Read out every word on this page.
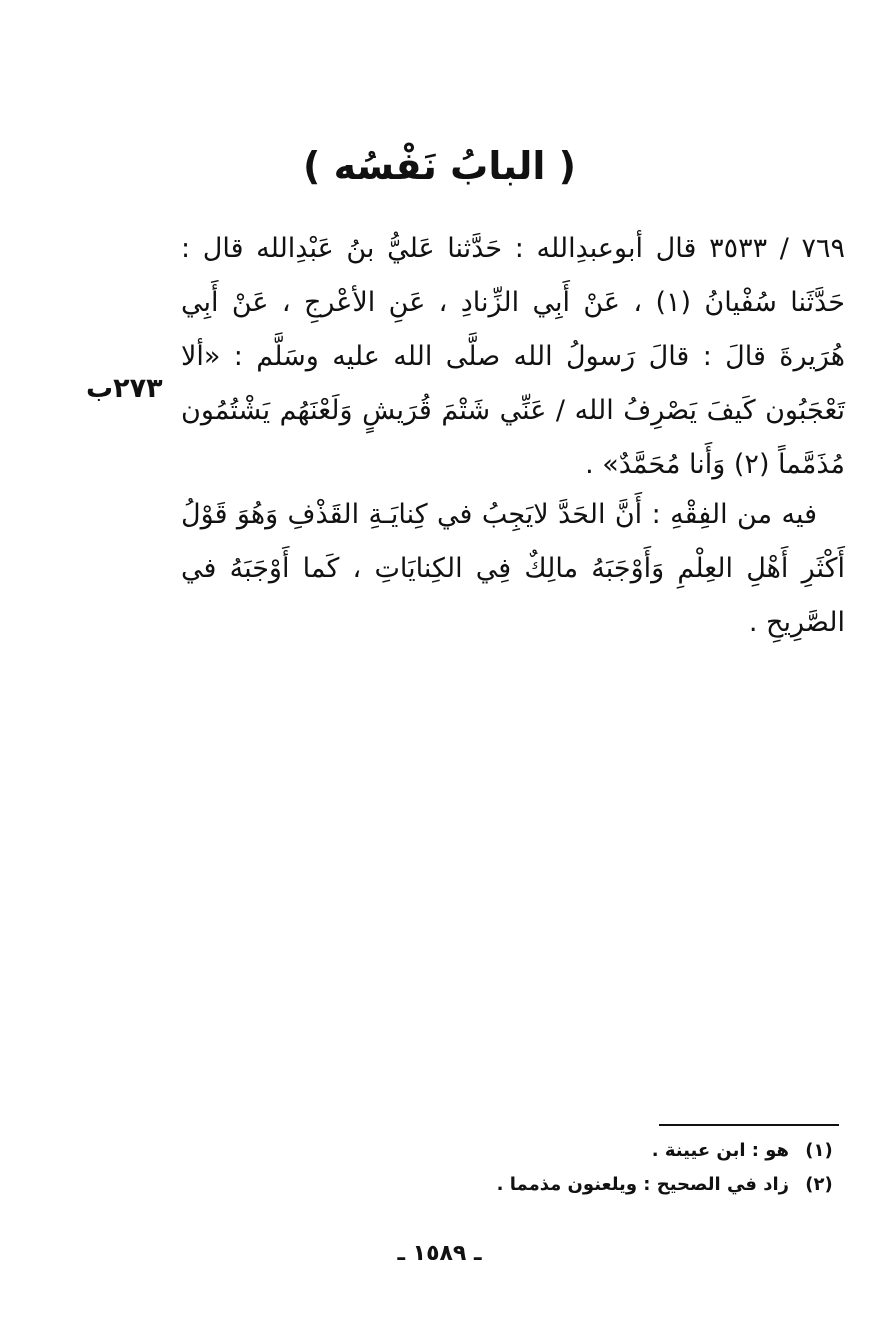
( البابُ نَفْسُه )

٧٦٩ / ٣٥٣٣ قال أبوعبدِالله : حَدَّثنا عَليُّ بنُ عَبْدِالله قال : حَدَّثَنا سُفْيانُ (١) ، عَنْ أَبِي الزِّنادِ ، عَنِ الأعْرجِ ، عَنْ أَبِي هُرَيرةَ قالَ : قالَ رَسولُ الله صلَّى الله عليه وسَلَّم : «ألا تَعْجَبُون كَيفَ يَصْرِفُ الله / عَنِّي شَتْمَ قُرَيشٍ وَلَعْنَهُم يَشْتُمُون مُذَمَّماً (٢) وَأَنا مُحَمَّدٌ» .

٢٧٣ب

فيه من الفِقْهِ : أَنَّ الحَدَّ لايَجِبُ في كِنايَـةِ القَذْفِ وَهُوَ قَوْلُ أَكْثَرِ أَهْلِ العِلْمِ وَأَوْجَبَهُ مالِكٌ فِي الكِنايَاتِ ، كَما أَوْجَبَهُ في الصَّرِيحِ .

(١)
هو : ابن عيينة .
(٢)
زاد في الصحيح : ويلعنون مذمما .
ـ ١٥٨٩ ـ
